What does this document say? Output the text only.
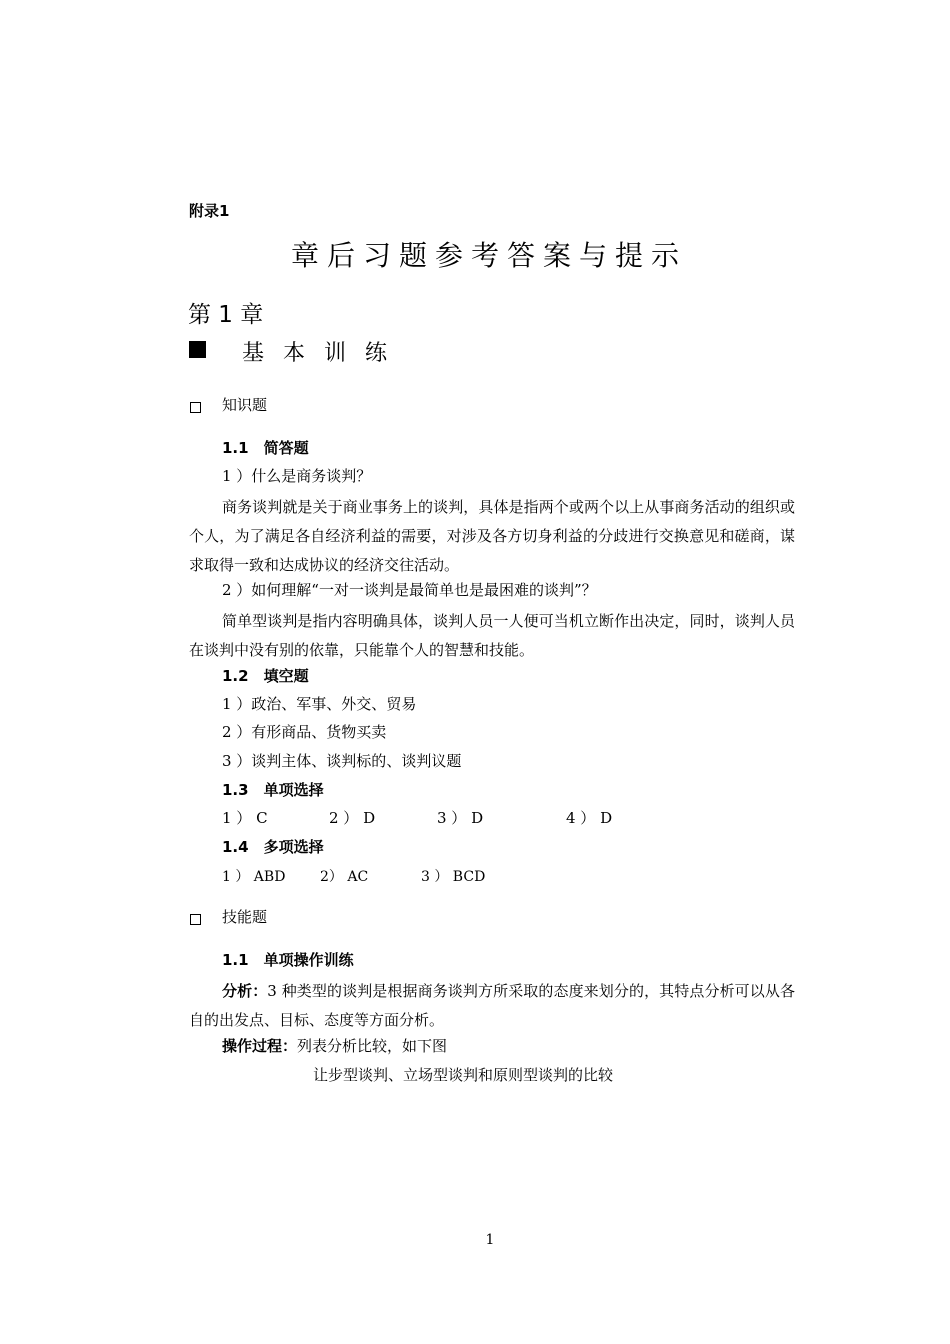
附录1
章后习题参考答案与提示
第 1 章
基 本 训 练
知识题
1.1　简答题
1 ）什么是商务谈判？
商务谈判就是关于商业事务上的谈判，具体是指两个或两个以上从事商务活动的组织或个人，为了满足各自经济利益的需要，对涉及各方切身利益的分歧进行交换意见和磋商，谋求取得一致和达成协议的经济交往活动。
2 ）如何理解“一对一谈判是最简单也是最困难的谈判”？
简单型谈判是指内容明确具体，谈判人员一人便可当机立断作出决定，同时，谈判人员在谈判中没有别的依靠，只能靠个人的智慧和技能。
1.2　填空题
1 ）政治、军事、外交、贸易
2 ）有形商品、货物买卖
3 ）谈判主体、谈判标的、谈判议题
1.3　单项选择
1 ） C	2 ） D	3 ） D	4 ） D
1.4　多项选择
1 ） ABD 2） AC	3 ） BCD
技能题
1.1　单项操作训练
分析：3 种类型的谈判是根据商务谈判方所采取的态度来划分的，其特点分析可以从各自的出发点、目标、态度等方面分析。
操作过程：列表分析比较，如下图
让步型谈判、立场型谈判和原则型谈判的比较
1
